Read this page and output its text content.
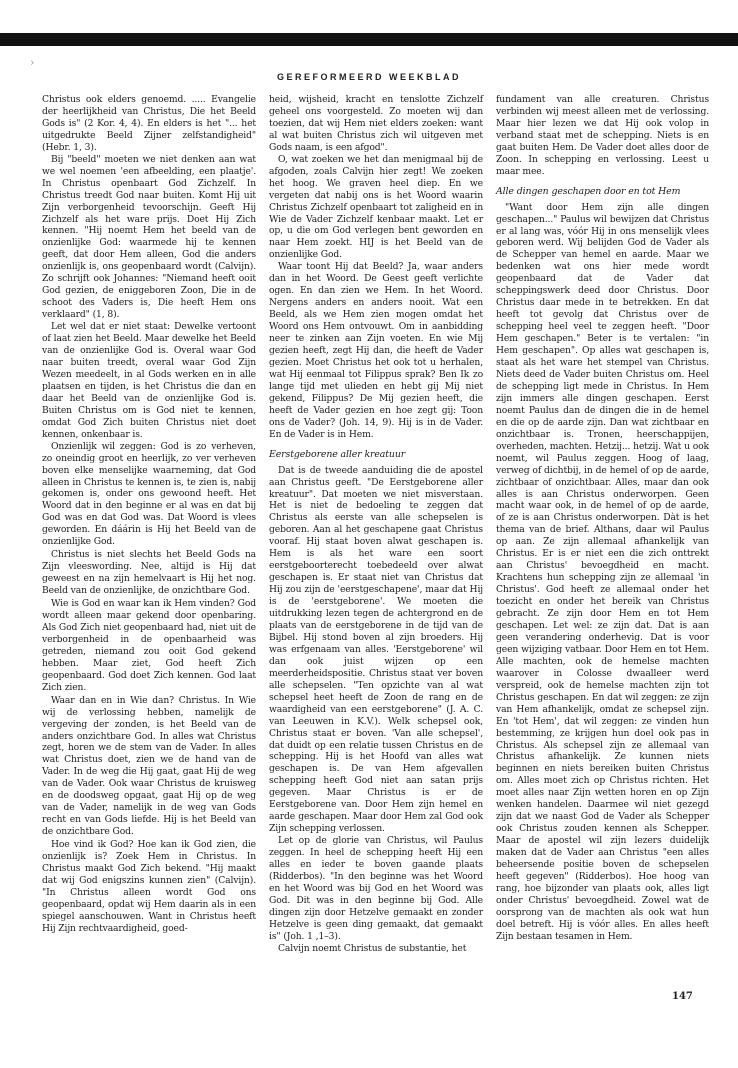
›
GEREFORMEERD WEEKBLAD

Christus ook elders genoemd. ..... Evangelie der heerlijkheid van Christus, Die het Beeld Gods is" (2 Kor. 4, 4). En elders is het "... het uitgedrukte Beeld Zijner zelfstandigheid" (Hebr. 1, 3).

Bij "beeld" moeten we niet denken aan wat we wel noemen 'een afbeelding, een plaatje'. In Christus openbaart God Zichzelf. In Christus treedt God naar buiten. Komt Hij uit Zijn verborgenheid tevoorschijn. Geeft Hij Zichzelf als het ware prijs. Doet Hij Zich kennen. "Hij noemt Hem het beeld van de onzienlijke God: waarmede hij te kennen geeft, dat door Hem alleen, God die anders onzienlijk is, ons geopenbaard wordt (Calvijn). Zo schrijft ook Johannes: "Niemand heeft ooit God gezien, de eniggeboren Zoon, Die in de schoot des Vaders is, Die heeft Hem ons verklaard" (1, 8).

Let wel dat er niet staat: Dewelke vertoont of laat zien het Beeld. Maar dewelke het Beeld van de onzienlijke God is. Overal waar God naar buiten treedt, overal waar God Zijn Wezen meedeelt, in al Gods werken en in alle plaatsen en tijden, is het Christus die dan en daar het Beeld van de onzienlijke God is. Buiten Christus om is God niet te kennen, omdat God Zich buiten Christus niet doet kennen, onkenbaar is.

Onzienlijk wil zeggen: God is zo verheven, zo oneindig groot en heerlijk, zo ver verheven boven elke menselijke waarneming, dat God alleen in Christus te kennen is, te zien is, nabij gekomen is, onder ons gewoond heeft. Het Woord dat in den beginne er al was en dat bij God was en dat God was. Dat Woord is vlees geworden. En dáárin is Hij het Beeld van de onzienlijke God.

Christus is niet slechts het Beeld Gods na Zijn vleeswording. Nee, altijd is Hij dat geweest en na zijn hemelvaart is Hij het nog. Beeld van de onzienlijke, de onzichtbare God.

Wie is God en waar kan ik Hem vinden? God wordt alleen maar gekend door openbaring. Als God Zich niet geopenbaard had, niet uit de verborgenheid in de openbaarheid was getreden, niemand zou ooit God gekend hebben. Maar ziet, God heeft Zich geopenbaard. God doet Zich kennen. God laat Zich zien.

Waar dan en in Wie dan? Christus. In Wie wij de verlossing hebben, namelijk de vergeving der zonden, is het Beeld van de anders onzichtbare God. In alles wat Christus zegt, horen we de stem van de Vader. In alles wat Christus doet, zien we de hand van de Vader. In de weg die Hij gaat, gaat Hij de weg van de Vader. Ook waar Christus de kruisweg en de doodsweg opgaat, gaat Hij op de weg van de Vader, namelijk in de weg van Gods recht en van Gods liefde. Hij is het Beeld van de onzichtbare God.

Hoe vind ik God? Hoe kan ik God zien, die onzienlijk is? Zoek Hem in Christus. In Christus maakt God Zich bekend. "Hij maakt dat wij God enigszins kunnen zien" (Calvijn). "In Christus alleen wordt God ons geopenbaard, opdat wij Hem daarin als in een spiegel aanschouwen. Want in Christus heeft Hij Zijn rechtvaardigheid, goed-

heid, wijsheid, kracht en tenslotte Zichzelf geheel ons voorgesteld. Zo moeten wij dan toezien, dat wij Hem niet elders zoeken: want al wat buiten Christus zich wil uitgeven met Gods naam, is een afgod".

O, wat zoeken we het dan menigmaal bij de afgoden, zoals Calvijn hier zegt! We zoeken het hoog. We graven heel diep. En we vergeten dat nabij ons is het Woord waarin Christus Zichzelf openbaart tot zaligheid en in Wie de Vader Zichzelf kenbaar maakt. Let er op, u die om God verlegen bent geworden en naar Hem zoekt. HIJ is het Beeld van de onzienlijke God.

Waar toont Hij dat Beeld? Ja, waar anders dan in het Woord. De Geest geeft verlichte ogen. En dan zien we Hem. In het Woord. Nergens anders en anders nooit. Wat een Beeld, als we Hem zien mogen omdat het Woord ons Hem ontvouwt. Om in aanbidding neer te zinken aan Zijn voeten. En wie Mij gezien heeft, zegt Hij dan, die heeft de Vader gezien. Moet Christus het ook tot u herhalen, wat Hij eenmaal tot Filippus sprak? Ben Ik zo lange tijd met ulieden en hebt gij Mij niet gekend, Filippus? De Mij gezien heeft, die heeft de Vader gezien en hoe zegt gij: Toon ons de Vader? (Joh. 14, 9). Hij is in de Vader. En de Vader is in Hem.

Eerstgeborene aller kreatuur

Dat is de tweede aanduiding die de apostel aan Christus geeft. "De Eerstgeborene aller kreatuur". Dat moeten we niet misverstaan. Het is niet de bedoeling te zeggen dat Christus als eerste van alle schepselen is geboren. Aan al het geschapene gaat Christus vooraf. Hij staat boven alwat geschapen is. Hem is als het ware een soort eerstgeboorterecht toebedeeld over alwat geschapen is. Er staat niet van Christus dat Hij zou zijn de 'eerstgeschapene', maar dat Hij is de 'eerstgeborene'. We moeten die uitdrukking lezen tegen de achtergrond en de plaats van de eerstgeborene in de tijd van de Bijbel. Hij stond boven al zijn broeders. Hij was erfgenaam van alles. 'Eerstgeborene' wil dan ook juist wijzen op een meerderheidspositie. Christus staat ver boven alle schepselen. "Ten opzichte van al wat schepsel heet heeft de Zoon de rang en de waardigheid van een eerstgeborene" (J. A. C. van Leeuwen in K.V.). Welk schepsel ook, Christus staat er boven. 'Van alle schepsel', dat duidt op een relatie tussen Christus en de schepping. Hij is het Hoofd van alles wat geschapen is. De van Hem afgevallen schepping heeft God niet aan satan prijs gegeven. Maar Christus is er de Eerstgeborene van. Door Hem zijn hemel en aarde geschapen. Maar door Hem zal God ook Zijn schepping verlossen.

Let op de glorie van Christus, wil Paulus zeggen. In heel de schepping heeft Hij een alles en ieder te boven gaande plaats (Ridderbos). "In den beginne was het Woord en het Woord was bij God en het Woord was God. Dit was in den beginne bij God. Alle dingen zijn door Hetzelve gemaakt en zonder Hetzelve is geen ding gemaakt, dat gemaakt is" (Joh. 1 ,1–3).

Calvijn noemt Christus de substantie, het

fundament van alle creaturen. Christus verbinden wij meest alleen met de verlossing. Maar hier lezen we dat Hij ook volop in verband staat met de schepping. Niets is en gaat buiten Hem. De Vader doet alles door de Zoon. In schepping en verlossing. Leest u maar mee.

Alle dingen geschapen door en tot Hem

"Want door Hem zijn alle dingen geschapen..." Paulus wil bewijzen dat Christus er al lang was, vóór Hij in ons menselijk vlees geboren werd. Wij belijden God de Vader als de Schepper van hemel en aarde. Maar we bedenken wat ons hier mede wordt geopenbaard dat de Vader dat scheppingswerk deed door Christus. Door Christus daar mede in te betrekken. En dat heeft tot gevolg dat Christus over de schepping heel veel te zeggen heeft. "Door Hem geschapen." Beter is te vertalen: "in Hem geschapen". Op alles wat geschapen is, staat als het ware het stempel van Christus. Niets deed de Vader buiten Christus om. Heel de schepping ligt mede in Christus. In Hem zijn immers alle dingen geschapen. Eerst noemt Paulus dan de dingen die in de hemel en die op de aarde zijn. Dan wat zichtbaar en onzichtbaar is. Tronen, heerschappijen, overheden, machten. Hetzij... hetzij. Wat u ook noemt, wil Paulus zeggen. Hoog of laag, verweg of dichtbij, in de hemel of op de aarde, zichtbaar of onzichtbaar. Alles, maar dan ook alles is aan Christus onderworpen. Geen macht waar ook, in de hemel of op de aarde, of ze is aan Christus onderworpen. Dàt is het thema van de brief. Althans, daar wil Paulus op aan. Ze zijn allemaal afhankelijk van Christus. Er is er niet een die zich onttrekt aan Christus' bevoegdheid en macht. Krachtens hun schepping zijn ze allemaal 'in Christus'. God heeft ze allemaal onder het toezicht en onder het bereik van Christus gebracht. Ze zijn door Hem en tot Hem geschapen. Let wel: ze zijn dat. Dat is aan geen verandering onderhevig. Dat is voor geen wijziging vatbaar. Door Hem en tot Hem. Alle machten, ook de hemelse machten waarover in Colosse dwaalleer werd verspreid, ook de hemelse machten zijn tot Christus geschapen. En dat wil zeggen: ze zijn van Hem afhankelijk, omdat ze schepsel zijn. En 'tot Hem', dat wil zeggen: ze vinden hun bestemming, ze krijgen hun doel ook pas in Christus. Als schepsel zijn ze allemaal van Christus afhankelijk. Ze kunnen niets beginnen en niets bereiken buiten Christus om. Alles moet zich op Christus richten. Het moet alles naar Zijn wetten horen en op Zijn wenken handelen. Daarmee wil niet gezegd zijn dat we naast God de Vader als Schepper ook Christus zouden kennen als Schepper. Maar de apostel wil zijn lezers duidelijk maken dat de Vader aan Christus "een alles beheersende positie boven de schepselen heeft gegeven" (Ridderbos). Hoe hoog van rang, hoe bijzonder van plaats ook, alles ligt onder Christus' bevoegdheid. Zowel wat de oorsprong van de machten als ook wat hun doel betreft. Hij is vóór alles. En alles heeft Zijn bestaan tesamen in Hem.

147
